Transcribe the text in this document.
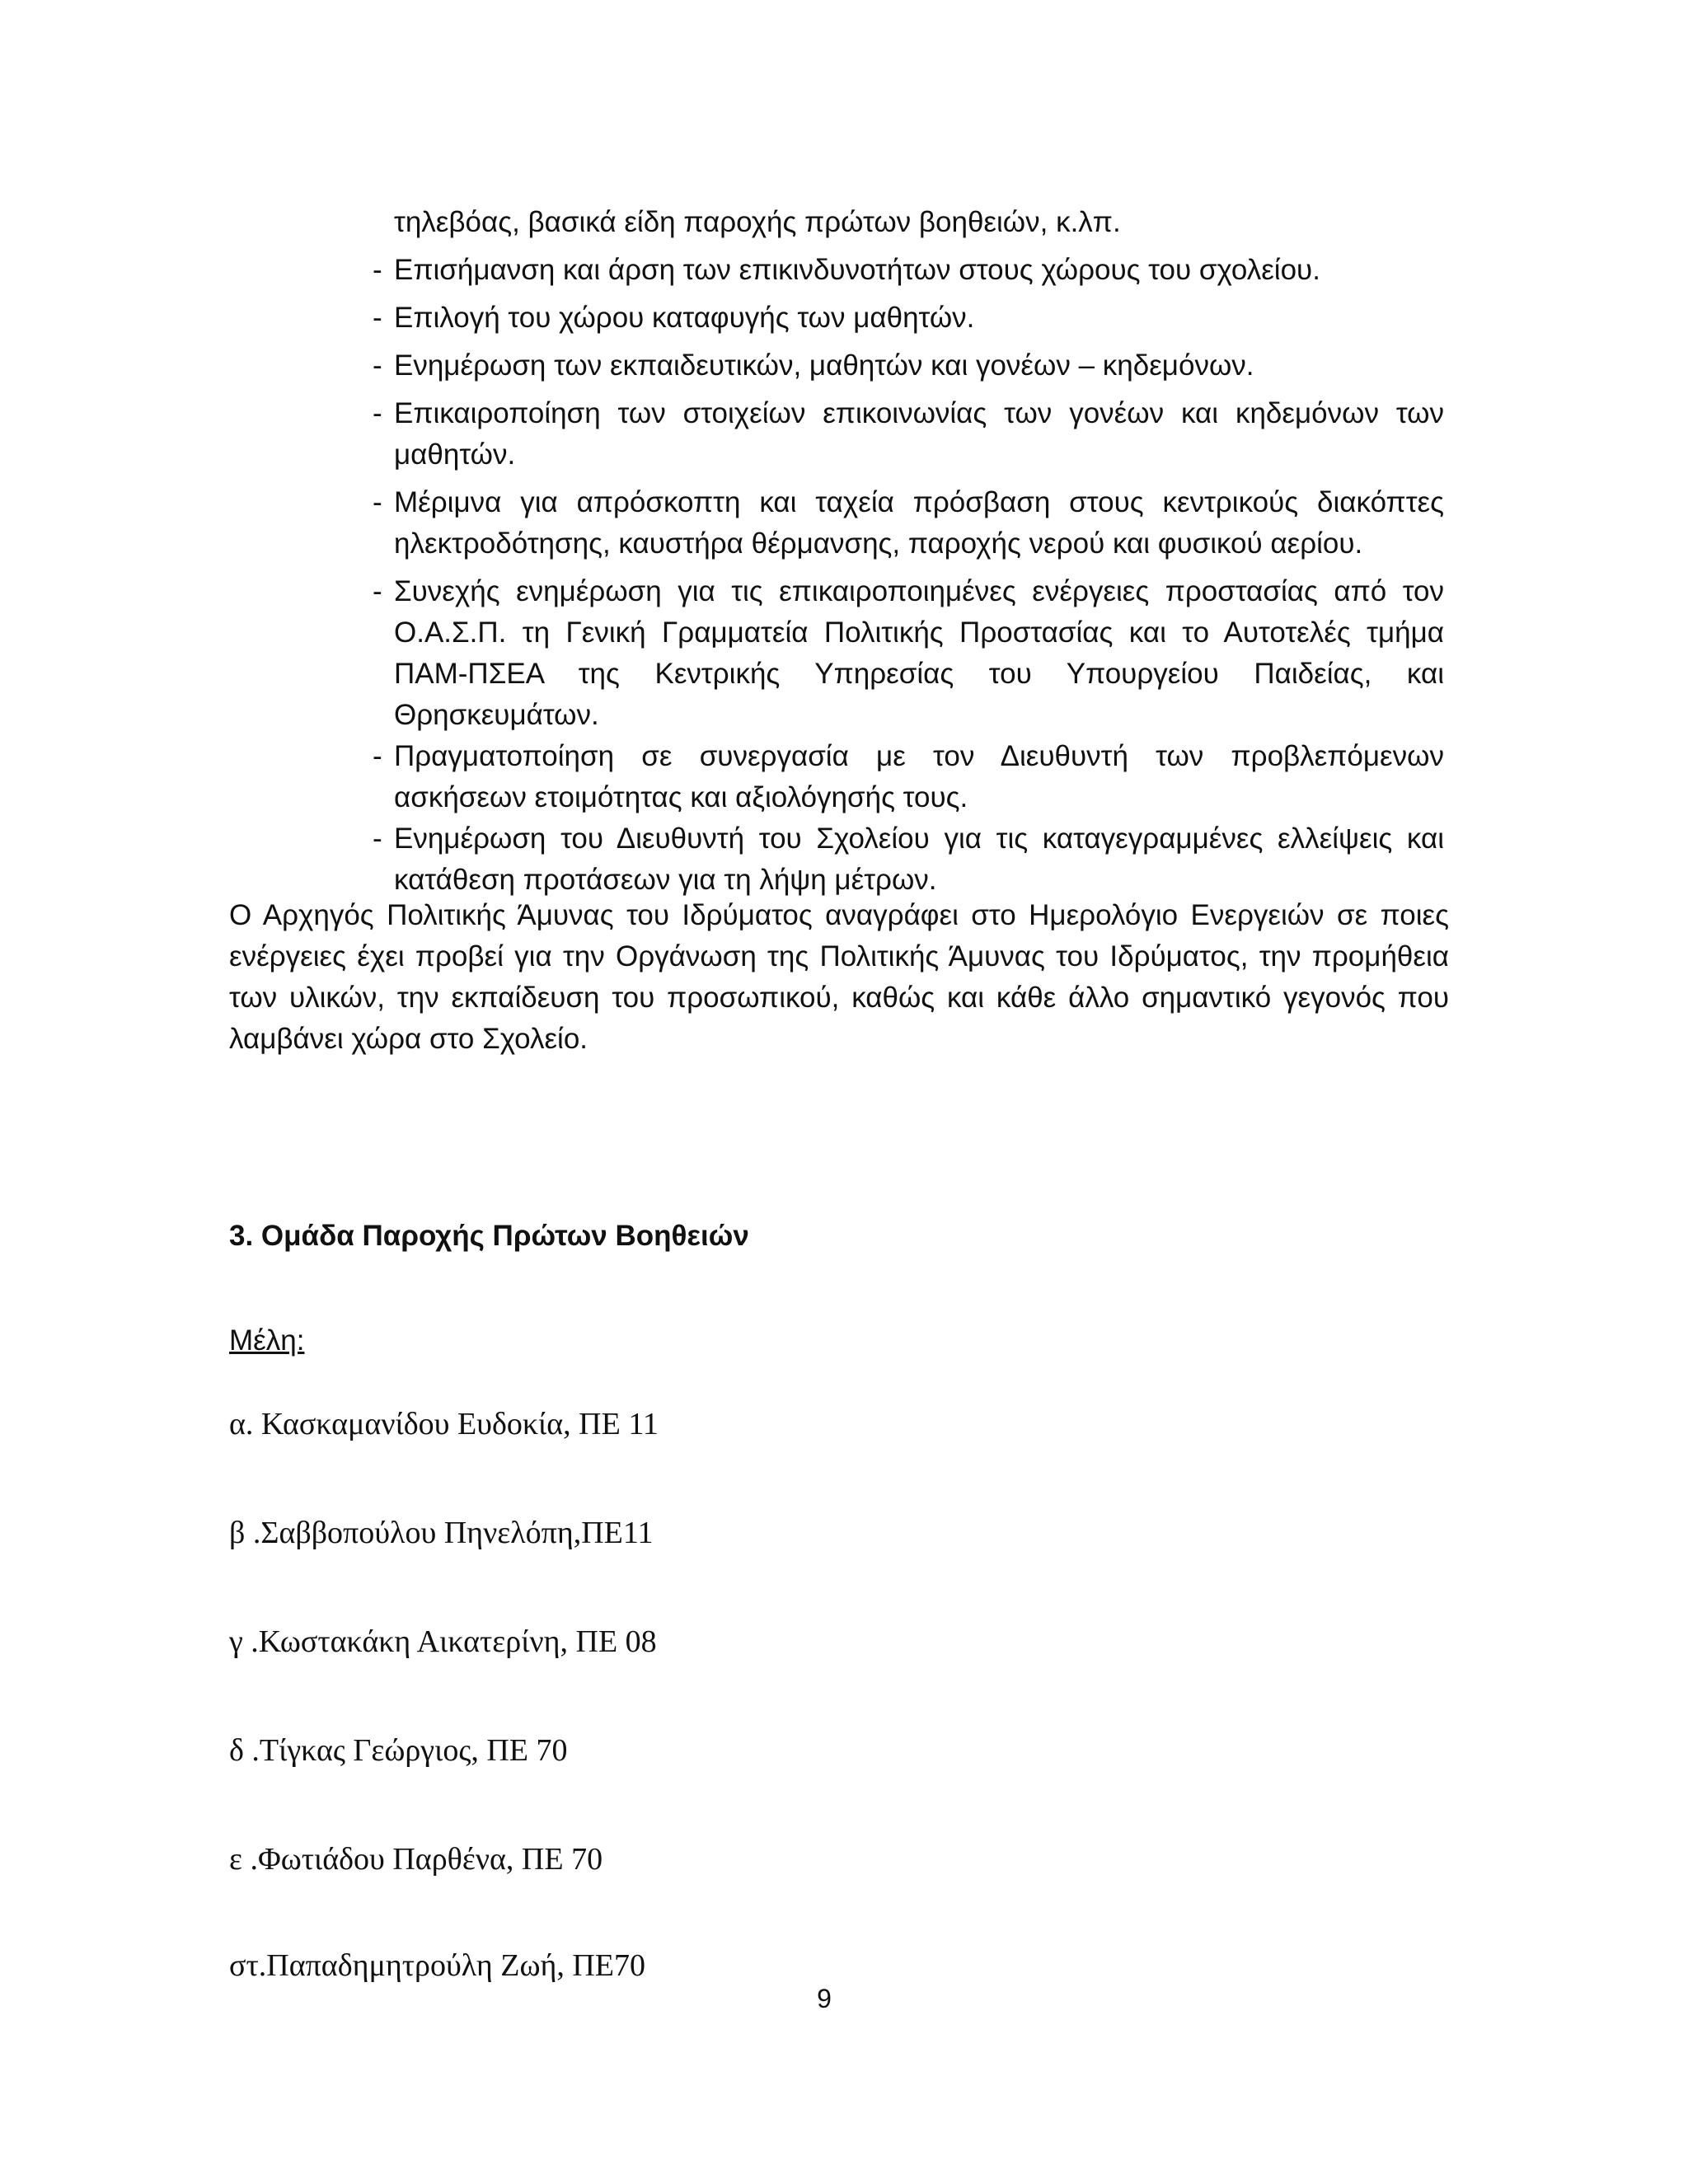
τηλεβόας, βασικά είδη παροχής πρώτων βοηθειών, κ.λπ.
- Επισήμανση και άρση των επικινδυνοτήτων στους χώρους του σχολείου.
- Επιλογή του χώρου καταφυγής των μαθητών.
- Ενημέρωση των εκπαιδευτικών, μαθητών και γονέων – κηδεμόνων.
- Επικαιροποίηση των στοιχείων επικοινωνίας των γονέων και κηδεμόνων των μαθητών.
- Μέριμνα για απρόσκοπτη και ταχεία πρόσβαση στους κεντρικούς διακόπτες ηλεκτροδότησης, καυστήρα θέρμανσης, παροχής νερού και φυσικού αερίου.
- Συνεχής ενημέρωση για τις επικαιροποιημένες ενέργειες προστασίας από τον Ο.Α.Σ.Π. τη Γενική Γραμματεία Πολιτικής Προστασίας και το Αυτοτελές τμήμα ΠΑΜ-ΠΣΕΑ της Κεντρικής Υπηρεσίας του Υπουργείου Παιδείας, και Θρησκευμάτων.
- Πραγματοποίηση σε συνεργασία με τον Διευθυντή των προβλεπόμενων ασκήσεων ετοιμότητας και αξιολόγησής τους.
- Ενημέρωση του Διευθυντή του Σχολείου για τις καταγεγραμμένες ελλείψεις και κατάθεση προτάσεων για τη λήψη μέτρων.

Ο Αρχηγός Πολιτικής Άμυνας του Ιδρύματος αναγράφει στο Ημερολόγιο Ενεργειών σε ποιες ενέργειες έχει προβεί για την Οργάνωση της Πολιτικής Άμυνας του Ιδρύματος, την προμήθεια των υλικών, την εκπαίδευση του προσωπικού, καθώς και κάθε άλλο σημαντικό γεγονός που λαμβάνει χώρα στο Σχολείο.

3. Ομάδα Παροχής Πρώτων Βοηθειών

Μέλη:

α. Κασκαμανίδου Ευδοκία, ΠΕ 11

β .Σαββοπούλου Πηνελόπη,ΠΕ11

γ .Κωστακάκη Αικατερίνη, ΠΕ 08

δ .Τίγκας Γεώργιος, ΠΕ 70

ε .Φωτιάδου Παρθένα, ΠΕ 70

στ.Παπαδημητρούλη Ζωή, ΠΕ70

9
